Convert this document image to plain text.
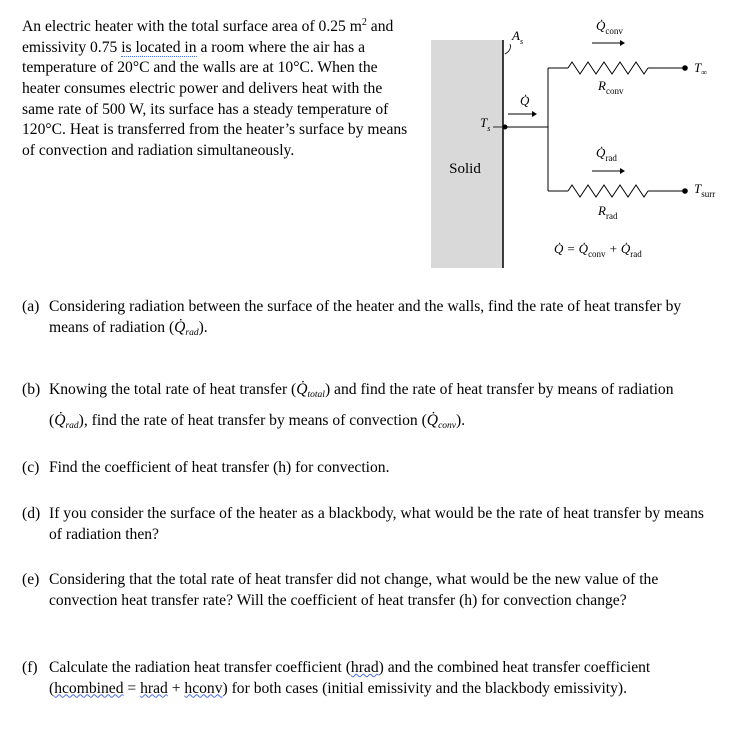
An electric heater with the total surface area of 0.25 $m^2$ and emissivity 0.75 is located in a room where the air has a temperature of 20°C and the walls are at 10°C. When the heater consumes electric power and delivers heat with the same rate of 500 W, its surface has a steady temperature of 120°C. Heat is transferred from the heater’s surface by means of convection and radiation simultaneously.

Solid
$A_s$
$T_s$
Q̇
$T_\infty$
$Q̇_{conv}$
$R_{conv}$
$T_{surr}$
$Q̇_{rad}$
$R_{rad}$
Q̇ = $Q̇_{conv}$ + $Q̇_{rad}$
(a) Considering radiation between the surface of the heater and the walls, find the rate of heat transfer by means of radiation (Q̇rad).
(b) Knowing the total rate of heat transfer (Q̇total) and find the rate of heat transfer by means of radiation (Q̇rad), find the rate of heat transfer by means of convection (Q̇conv).
(c) Find the coefficient of heat transfer (h) for convection.
(d) If you consider the surface of the heater as a blackbody, what would be the rate of heat transfer by means of radiation then?
(e) Considering that the total rate of heat transfer did not change, what would be the new value of the convection heat transfer rate? Will the coefficient of heat transfer (h) for convection change?
(f) Calculate the radiation heat transfer coefficient (hrad) and the combined heat transfer coefficient (hcombined = hrad + hconv) for both cases (initial emissivity and the blackbody emissivity).
